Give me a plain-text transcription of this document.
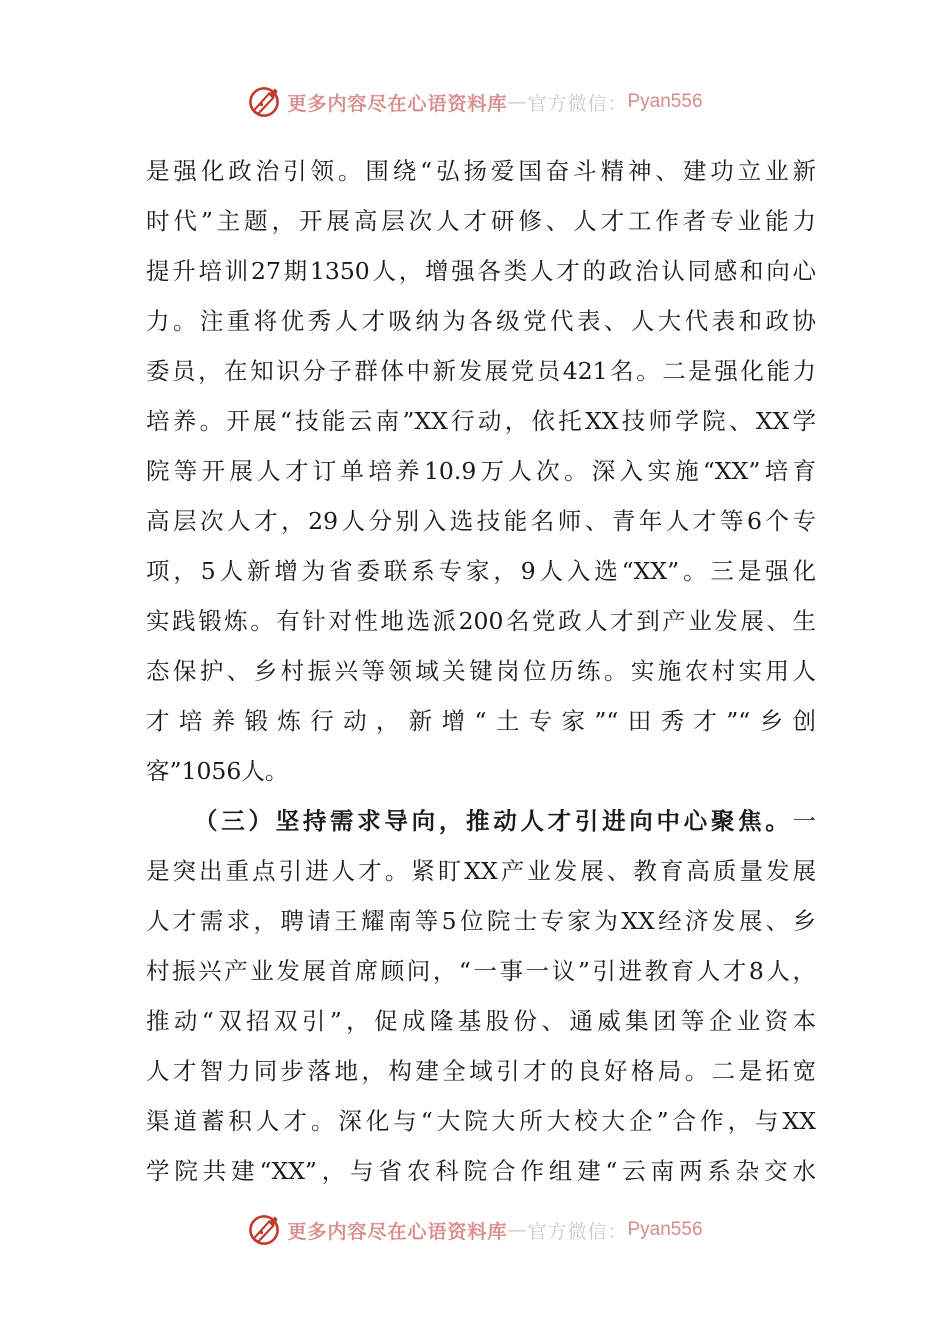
更多内容尽在心语资料库 — 官方微信： Pyan556
是强化政治引领。围绕“弘扬爱国奋斗精神、建功立业新
时代”主题，开展高层次人才研修、人才工作者专业能力
提升培训27期1350人，增强各类人才的政治认同感和向心
力。注重将优秀人才吸纳为各级党代表、人大代表和政协
委员，在知识分子群体中新发展党员421名。二是强化能力
培养。开展“技能云南”XX行动，依托XX技师学院、XX学
院等开展人才订单培养10.9万人次。深入实施“XX”培育
高层次人才，29人分别入选技能名师、青年人才等6个专
项，5人新增为省委联系专家，9人入选“XX”。三是强化
实践锻炼。有针对性地选派200名党政人才到产业发展、生
态保护、乡村振兴等领域关键岗位历练。实施农村实用人
才培养锻炼行动，新增“土专家”“田秀才”“乡创
客”1056人。
（三）坚持需求导向，推动人才引进向中心聚焦。一
是突出重点引进人才。紧盯XX产业发展、教育高质量发展
人才需求，聘请王耀南等5位院士专家为XX经济发展、乡
村振兴产业发展首席顾问，“一事一议”引进教育人才8人，
推动“双招双引”，促成隆基股份、通威集团等企业资本
人才智力同步落地，构建全域引才的良好格局。二是拓宽
渠道蓄积人才。深化与“大院大所大校大企”合作，与XX
学院共建“XX”，与省农科院合作组建“云南两系杂交水
更多内容尽在心语资料库 — 官方微信： Pyan556
